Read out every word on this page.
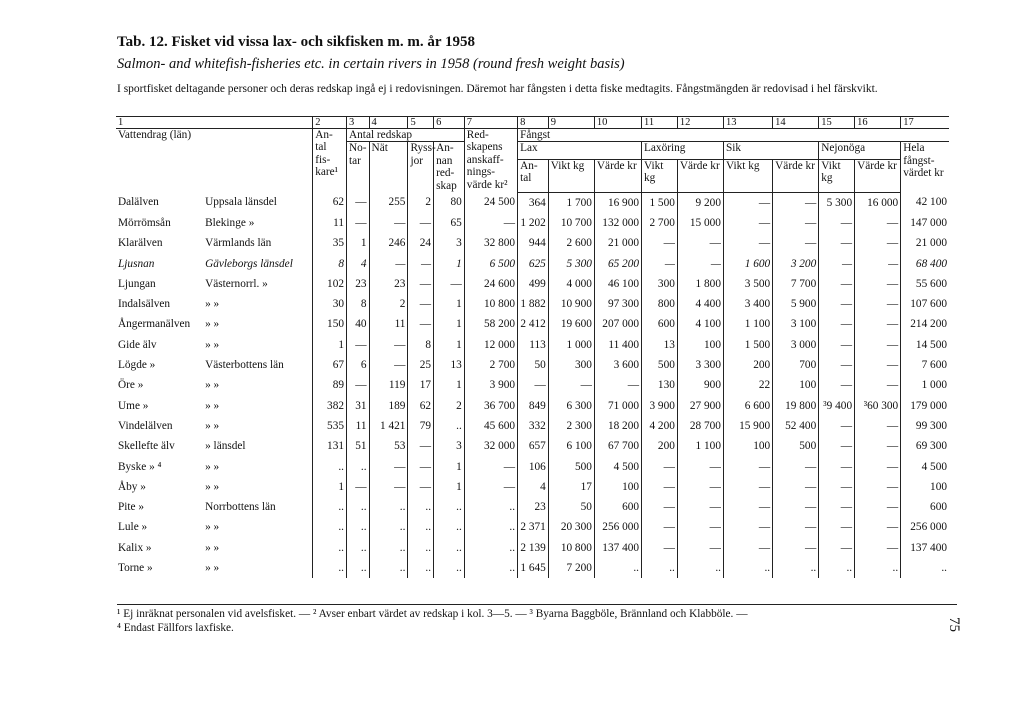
Tab. 12. Fisket vid vissa lax- och sikfisken m. m. år 1958
Salmon- and whitefish-fisheries etc. in certain rivers in 1958 (round fresh weight basis)
I sportfisket deltagande personer och deras redskap ingå ej i redovisningen. Däremot har fångsten i detta fiske medtagits. Fångstmängden är redovisad i hel färskvikt.
1		2	3	4	5	6	7	8	9	10	11	12	13	14	15	16	17
Vattendrag (län)		An-tal fis-kare¹	Antal redskap				Red-skapens anskaff-nings-värde kr²	Fångst									
			No-tar	Nät	Ryss-jor	An-nan red-skap		Lax			Laxöring		Sik		Nejonöga		Hela fångst-värdet kr
								An-tal	Vikt kg	Värde kr	Vikt kg	Värde kr	Vikt kg	Värde kr	Vikt kg	Värde kr	
Dalälven	Uppsala länsdel	62	—	255	2	80	24 500	364	1 700	16 900	1 500	9 200	—	—	5 300	16 000	42 100
Mörrömsån	Blekinge »	11	—	—	—	65	—	1 202	10 700	132 000	2 700	15 000	—	—	—	—	147 000
Klarälven	Värmlands län	35	1	246	24	3	32 800	944	2 600	21 000	—	—	—	—	—	—	21 000
Ljusnan	Gävleborgs länsdel	8	4	—	—	1	6 500	625	5 300	65 200	—	—	1 600	3 200	—	—	68 400
Ljungan	Västernorrl. »	102	23	23	—	—	24 600	499	4 000	46 100	300	1 800	3 500	7 700	—	—	55 600
Indalsälven	» »	30	8	2	—	1	10 800	1 882	10 900	97 300	800	4 400	3 400	5 900	—	—	107 600
Ångermanälven	» »	150	40	11	—	1	58 200	2 412	19 600	207 000	600	4 100	1 100	3 100	—	—	214 200
Gide älv	» »	1	—	—	8	1	12 000	113	1 000	11 400	13	100	1 500	3 000	—	—	14 500
Lögde »	Västerbottens län	67	6	—	25	13	2 700	50	300	3 600	500	3 300	200	700	—	—	7 600
Öre »	» »	89	—	119	17	1	3 900	—	—	—	130	900	22	100	—	—	1 000
Ume »	» »	382	31	189	62	2	36 700	849	6 300	71 000	3 900	27 900	6 600	19 800	³9 400	³60 300	179 000
Vindelälven	» »	535	11	1 421	79	..	45 600	332	2 300	18 200	4 200	28 700	15 900	52 400	—	—	99 300
Skellefte älv	» länsdel	131	51	53	—	3	32 000	657	6 100	67 700	200	1 100	100	500	—	—	69 300
Byske » ⁴	» »	..	..	—	—	1	—	106	500	4 500	—	—	—	—	—	—	4 500
Åby »	» »	1	—	—	—	1	—	4	17	100	—	—	—	—	—	—	100
Pite »	Norrbottens län	..	..	..	..	..	..	23	50	600	—	—	—	—	—	—	600
Lule »	» »	..	..	..	..	..	..	2 371	20 300	256 000	—	—	—	—	—	—	256 000
Kalix »	» »	..	..	..	..	..	..	2 139	10 800	137 400	—	—	—	—	—	—	137 400
Torne »	» »	..	..	..	..	..	..	1 645	7 200	..	..	..	..	..	..	..	..
¹ Ej inräknat personalen vid avelsfisket. — ² Avser enbart värdet av redskap i kol. 3—5. — ³ Byarna Baggböle, Brännland och Klabböle. —
⁴ Endast Fällfors laxfiske.	75
